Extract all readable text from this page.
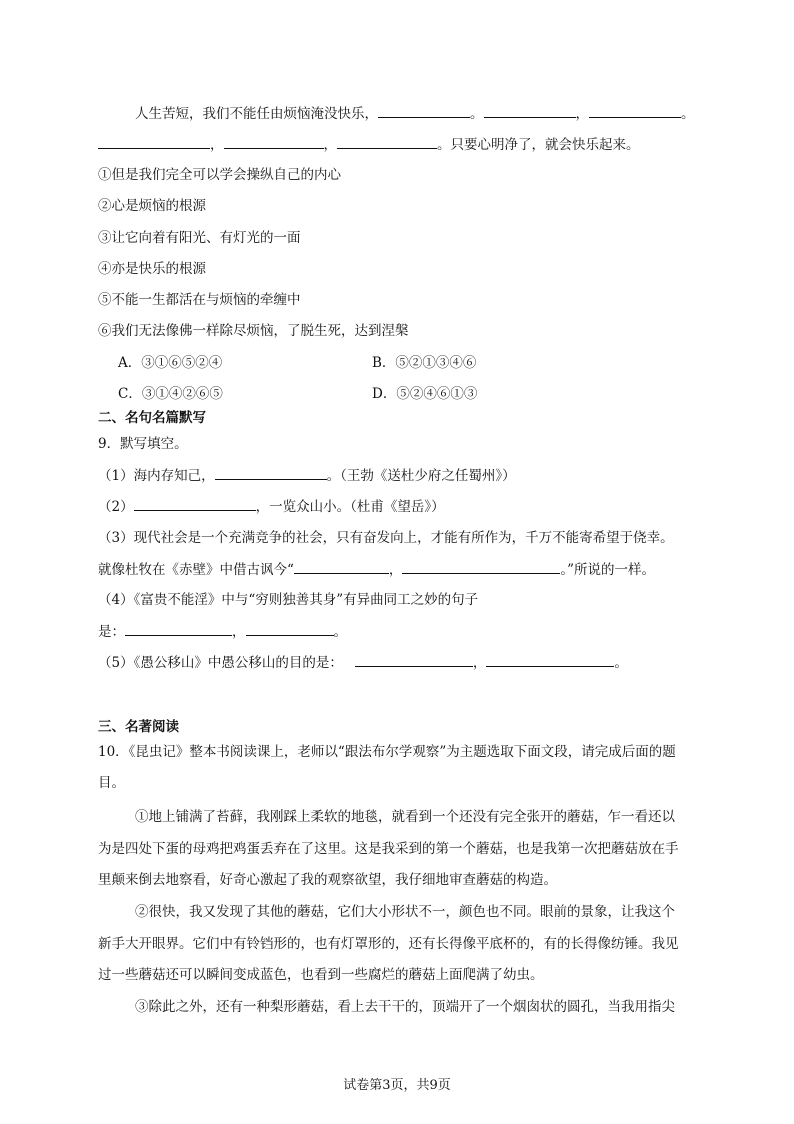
人生苦短，我们不能任由烦恼淹没快乐，	。	，	。
，	，	。只要心明净了，就会快乐起来。
①但是我们完全可以学会操纵自己的内心
②心是烦恼的根源
③让它向着有阳光、有灯光的一面
④亦是快乐的根源
⑤不能一生都活在与烦恼的牵缠中
⑥我们无法像佛一样除尽烦恼，了脱生死，达到涅槃
A．③①⑥⑤②④	B．⑤②①③④⑥
C．③①④②⑥⑤	D．⑤②④⑥①③
二、名句名篇默写
9．默写填空。
（1）海内存知己，	。（王勃《送杜少府之任蜀州》）
（2）	，一览众山小。（杜甫《望岳》）
（3）现代社会是一个充满竞争的社会，只有奋发向上，才能有所作为，千万不能寄希望于侥幸。
就像杜牧在《赤壁》中借古讽今“	，	。”所说的一样。
（4）《富贵不能淫》中与“穷则独善其身”有异曲同工之妙的句子
是：	，	。
（5）《愚公移山》中愚公移山的目的是：	，	。
三、名著阅读
10．《昆虫记》整本书阅读课上，老师以“跟法布尔学观察”为主题选取下面文段，请完成后面的题
目。
①地上铺满了苔藓，我刚踩上柔软的地毯，就看到一个还没有完全张开的蘑菇，乍一看还以
为是四处下蛋的母鸡把鸡蛋丢弃在了这里。这是我采到的第一个蘑菇，也是我第一次把蘑菇放在手
里颠来倒去地察看，好奇心激起了我的观察欲望，我仔细地审查蘑菇的构造。
②很快，我又发现了其他的蘑菇，它们大小形状不一，颜色也不同。眼前的景象，让我这个
新手大开眼界。它们中有铃铛形的，也有灯罩形的，还有长得像平底杯的，有的长得像纺锤。我见
过一些蘑菇还可以瞬间变成蓝色，也看到一些腐烂的蘑菇上面爬满了幼虫。
③除此之外，还有一种梨形蘑菇，看上去干干的，顶端开了一个烟囱状的圆孔，当我用指尖
试卷第3页，共9页
